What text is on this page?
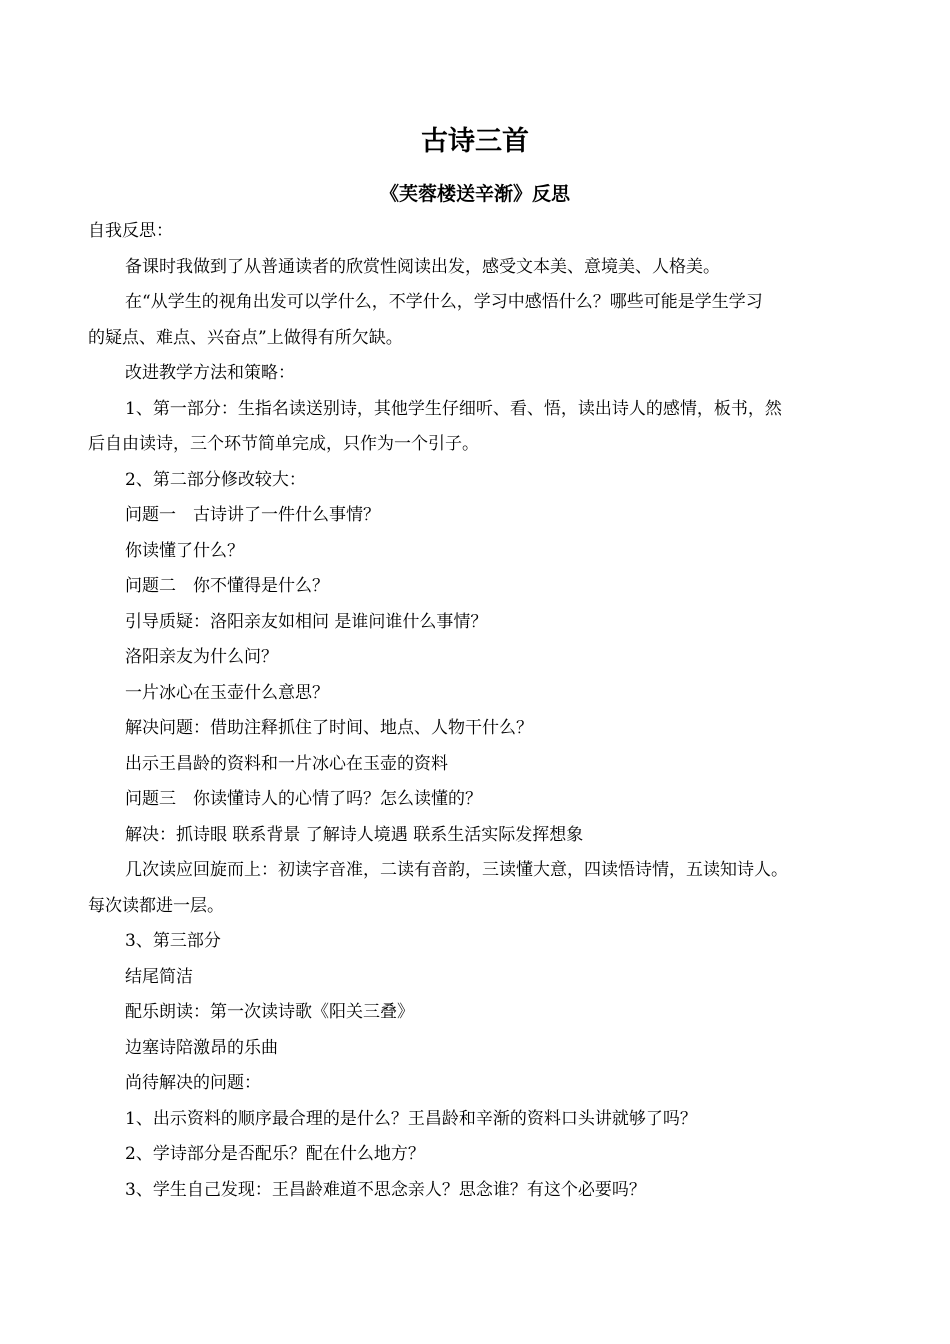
古诗三首
《芙蓉楼送辛渐》反思

自我反思：

备课时我做到了从普通读者的欣赏性阅读出发，感受文本美、意境美、人格美。

在“从学生的视角出发可以学什么，不学什么，学习中感悟什么？哪些可能是学生学习

的疑点、难点、兴奋点”上做得有所欠缺。

改进教学方法和策略：

1、第一部分：生指名读送别诗，其他学生仔细听、看、悟，读出诗人的感情，板书，然

后自由读诗，三个环节简单完成，只作为一个引子。

2、第二部分修改较大：

问题一 古诗讲了一件什么事情？

你读懂了什么？

问题二 你不懂得是什么？

引导质疑：洛阳亲友如相问 是谁问谁什么事情？

洛阳亲友为什么问？

一片冰心在玉壶什么意思？

解决问题：借助注释抓住了时间、地点、人物干什么？

出示王昌龄的资料和一片冰心在玉壶的资料

问题三 你读懂诗人的心情了吗？怎么读懂的？

解决：抓诗眼 联系背景 了解诗人境遇 联系生活实际发挥想象

几次读应回旋而上：初读字音准，二读有音韵，三读懂大意，四读悟诗情，五读知诗人。

每次读都进一层。

3、第三部分

结尾简洁

配乐朗读：第一次读诗歌《阳关三叠》

边塞诗陪激昂的乐曲

尚待解决的问题：

1、出示资料的顺序最合理的是什么？王昌龄和辛渐的资料口头讲就够了吗？

2、学诗部分是否配乐？配在什么地方？

3、学生自己发现：王昌龄难道不思念亲人？思念谁？有这个必要吗？
